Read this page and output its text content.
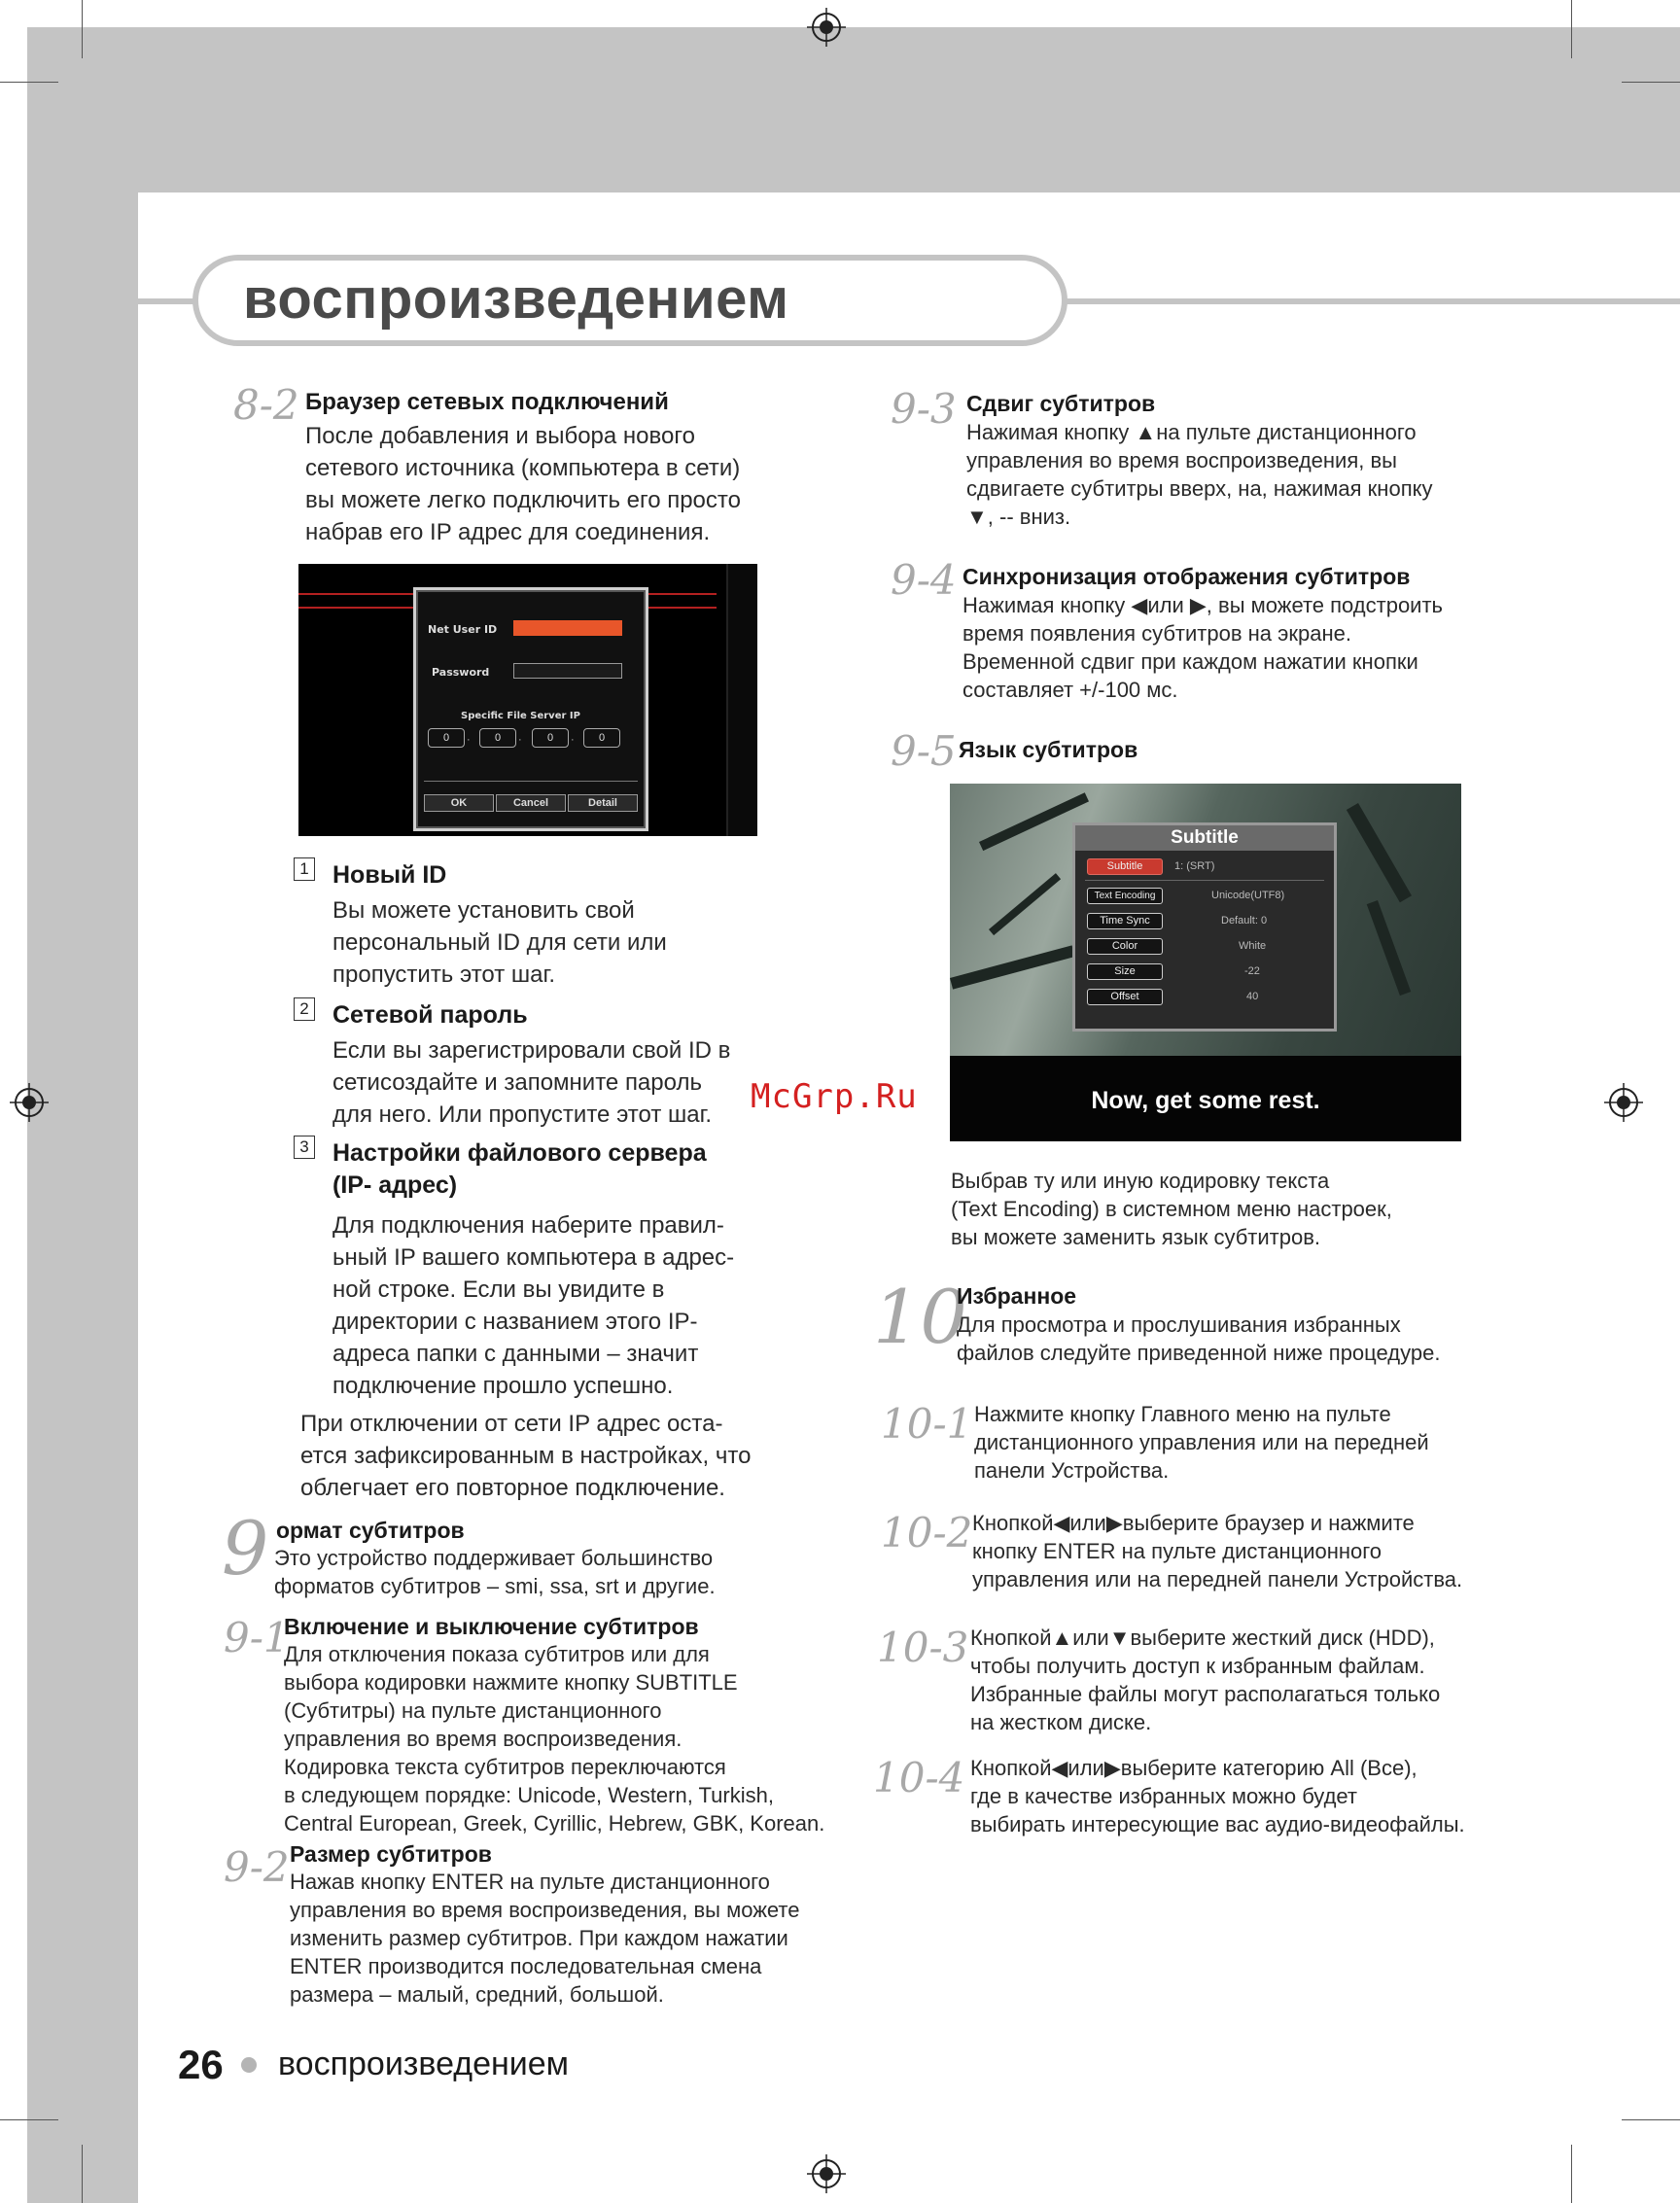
воспроизведением
8-2 Браузер сетевых подключений
После добавления и выбора нового
сетевого источника (компьютера в сети)
вы можете легко подключить его просто
набрав его IP адрес для соединения.
Net User ID
Password
Specific File Server IP
0	·	0	·	0	·	0
OK	Cancel	Detail
1 Новый ID
Вы можете установить свой
персональный ID для сети или
пропустить этот шаг.
2 Сетевой пароль
Если вы зарегистрировали свой ID в
сетисоздайте и запомните пароль
для него. Или пропустите этот шаг.
3 Настройки файлового сервера
(IP- адрес)
Для подключения наберите правил-
ьный IP вашего компьютера в адрес-
ной строке. Если вы увидите в
директории с названием этого IP-
адреса папки с данными – значит
подключение прошло успешно.
При отключении от сети IP адрес оста-
ется зафиксированным в настройках, что
облегчает его повторное подключение.
9 ормат субтитров
Это устройство поддерживает большинство
форматов субтитров – smi, ssa, srt и другие.
9-1
Включение и выключение субтитров
Для отключения показа субтитров или для
выбора кодировки нажмите кнопку SUBTITLE
(Субтитры) на пульте дистанционного
управления во время воспроизведения.
Кодировка текста субтитров переключаются
в следующем порядке: Unicode, Western, Turkish,
Central European, Greek, Cyrillic, Hebrew, GBK, Korean.
9-2 Размер субтитров
Нажав кнопку ENTER на пульте дистанционного
управления во время воспроизведения, вы можете
изменить размер субтитров. При каждом нажатии
ENTER производится последовательная смена
размера – малый, средний, большой.
9-3 Сдвиг субтитров
Нажимая кнопку ▲на пульте дистанционного
управления во время воспроизведения, вы
сдвигаете субтитры вверх, на, нажимая кнопку
▼, -- вниз.
9-4 Синхронизация отображения субтитров
Нажимая кнопку ◀или ▶, вы можете подстроить
время появления субтитров на экране.
Временной сдвиг при каждом нажатии кнопки
составляет +/-100 мс.
9-5 Язык субтитров
Subtitle
Subtitle	1: (SRT)
Text Encoding	Unicode(UTF8)
Time Sync	Default: 0
Color	White
Size	-22
Offset	40
Now, get some rest.
McGrp.Ru
Выбрав ту или иную кодировку текста
(Text Encoding) в системном меню настроек,
вы можете заменить язык субтитров.
10
Избранное
Для просмотра и прослушивания избранных
файлов следуйте приведенной ниже процедуре.
10-1 Нажмите кнопку Главного меню на пульте
дистанционного управления или на передней
панели Устройства.
10-2 Кнопкой◀или▶выберите браузер и нажмите
кнопку ENTER на пульте дистанционного
управления или на передней панели Устройства.
10-3 Кнопкой▲или▼выберите жесткий диск (HDD),
чтобы получить доступ к избранным файлам.
Избранные файлы могут располагаться только
на жестком диске.
10-4 Кнопкой◀или▶выберите категорию All (Все),
где в качестве избранных можно будет
выбирать интересующие вас аудио-видеофайлы.
26 воспроизведением
